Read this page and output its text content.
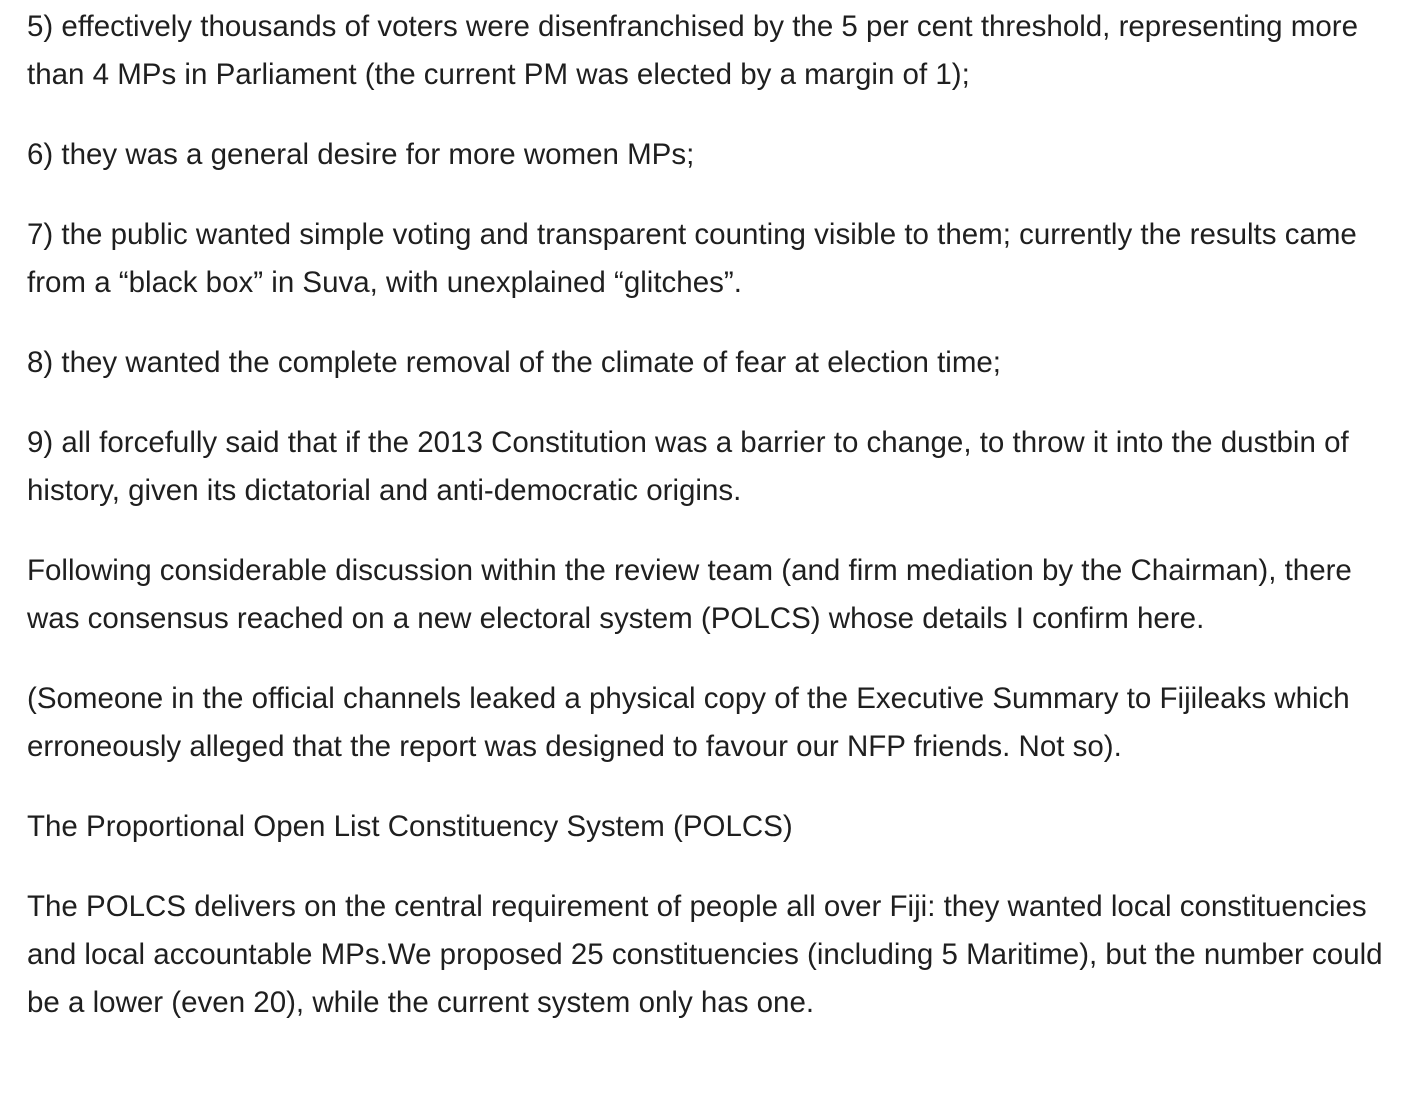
5) effectively thousands of voters were disenfranchised by the 5 per cent threshold, representing more than 4 MPs in Parliament (the current PM was elected by a margin of 1);

6) they was a general desire for more women MPs;

7) the public wanted simple voting and transparent counting visible to them; currently the results came from a “black box” in Suva, with unexplained “glitches”.

8) they wanted the complete removal of the climate of fear at election time;

9) all forcefully said that if the 2013 Constitution was a barrier to change, to throw it into the dustbin of history, given its dictatorial and anti-democratic origins.

Following considerable discussion within the review team (and firm mediation by the Chairman), there was consensus reached on a new electoral system (POLCS) whose details I confirm here.

(Someone in the official channels leaked a physical copy of the Executive Summary to Fijileaks which erroneously alleged that the report was designed to favour our NFP friends. Not so).

The Proportional Open List Constituency System (POLCS)

The POLCS delivers on the central requirement of people all over Fiji: they wanted local constituencies and local accountable MPs.We proposed 25 constituencies (including 5 Maritime), but the number could be a lower (even 20), while the current system only has one.
